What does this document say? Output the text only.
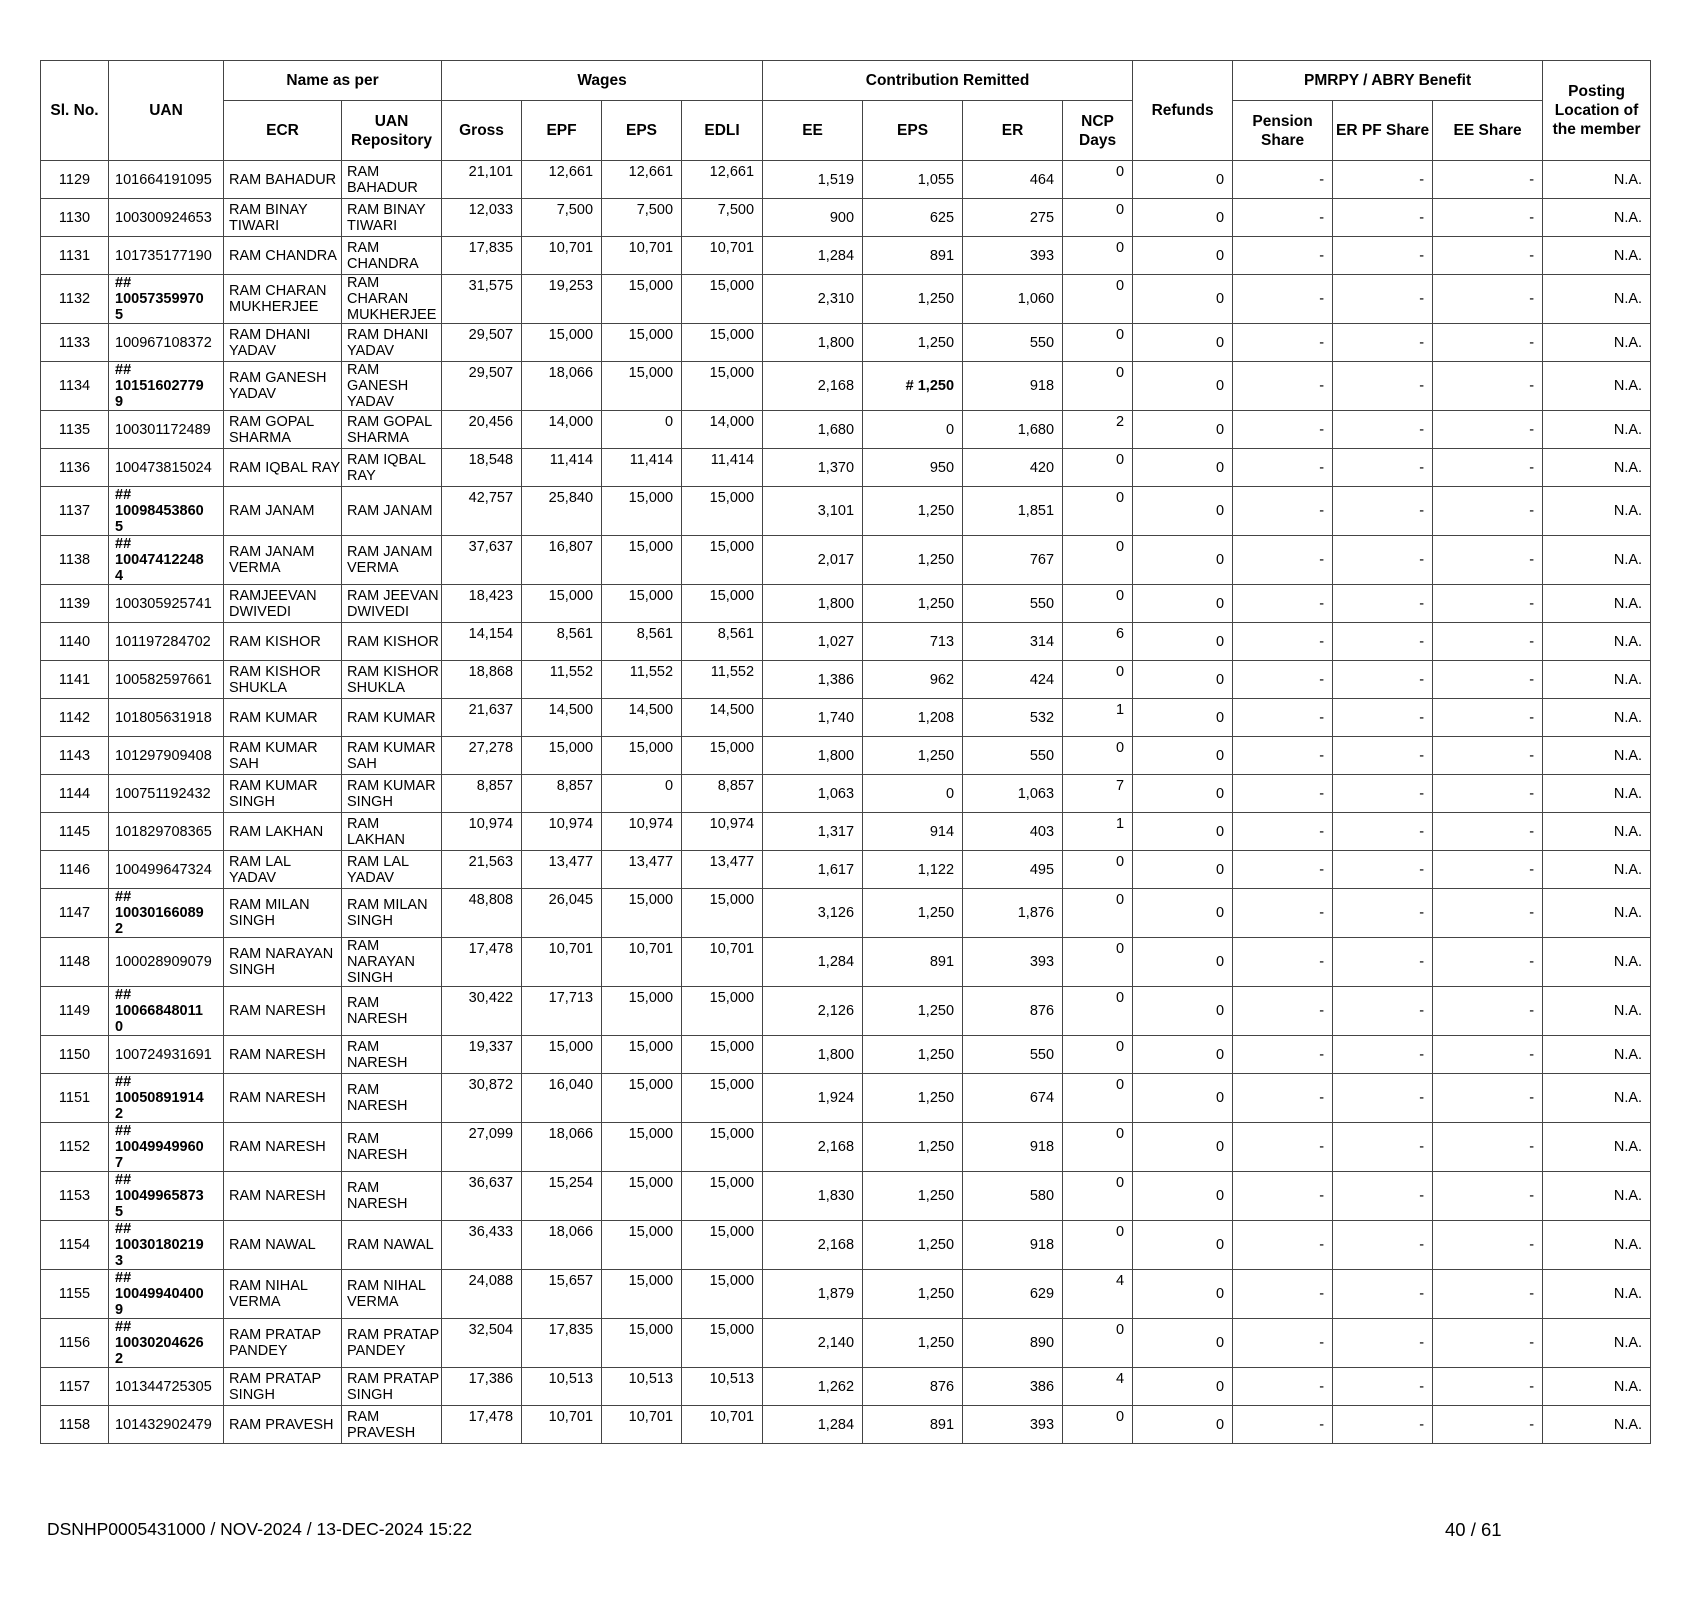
Sl. No.	UAN	Name as per		Wages				Contribution Remitted				Refunds	PMRPY / ABRY Benefit			Posting Location of the member
		ECR	UAN Repository	Gross	EPF	EPS	EDLI	EE	EPS	ER	NCP Days		Pension Share	ER PF Share	EE Share	
1129	101664191095	RAM BAHADUR	RAM BAHADUR	21,101	12,661	12,661	12,661	1,519	1,055	464	0	0	-	-	-	N.A.
1130	100300924653	RAM BINAY TIWARI	RAM BINAY TIWARI	12,033	7,500	7,500	7,500	900	625	275	0	0	-	-	-	N.A.
1131	101735177190	RAM CHANDRA	RAM CHANDRA	17,835	10,701	10,701	10,701	1,284	891	393	0	0	-	-	-	N.A.
1132	##
10057359970
5	RAM CHARAN MUKHERJEE	RAM CHARAN MUKHERJEE	31,575	19,253	15,000	15,000	2,310	1,250	1,060	0	0	-	-	-	N.A.
1133	100967108372	RAM DHANI YADAV	RAM DHANI YADAV	29,507	15,000	15,000	15,000	1,800	1,250	550	0	0	-	-	-	N.A.
1134	##
10151602779
9	RAM GANESH YADAV	RAM GANESH YADAV	29,507	18,066	15,000	15,000	2,168	# 1,250	918	0	0	-	-	-	N.A.
1135	100301172489	RAM GOPAL SHARMA	RAM GOPAL SHARMA	20,456	14,000	0	14,000	1,680	0	1,680	2	0	-	-	-	N.A.
1136	100473815024	RAM IQBAL RAY	RAM IQBAL RAY	18,548	11,414	11,414	11,414	1,370	950	420	0	0	-	-	-	N.A.
1137	##
10098453860
5	RAM JANAM	RAM JANAM	42,757	25,840	15,000	15,000	3,101	1,250	1,851	0	0	-	-	-	N.A.
1138	##
10047412248
4	RAM JANAM VERMA	RAM JANAM VERMA	37,637	16,807	15,000	15,000	2,017	1,250	767	0	0	-	-	-	N.A.
1139	100305925741	RAMJEEVAN DWIVEDI	RAM JEEVAN DWIVEDI	18,423	15,000	15,000	15,000	1,800	1,250	550	0	0	-	-	-	N.A.
1140	101197284702	RAM KISHOR	RAM KISHOR	14,154	8,561	8,561	8,561	1,027	713	314	6	0	-	-	-	N.A.
1141	100582597661	RAM KISHOR SHUKLA	RAM KISHOR SHUKLA	18,868	11,552	11,552	11,552	1,386	962	424	0	0	-	-	-	N.A.
1142	101805631918	RAM KUMAR	RAM KUMAR	21,637	14,500	14,500	14,500	1,740	1,208	532	1	0	-	-	-	N.A.
1143	101297909408	RAM KUMAR SAH	RAM KUMAR SAH	27,278	15,000	15,000	15,000	1,800	1,250	550	0	0	-	-	-	N.A.
1144	100751192432	RAM KUMAR SINGH	RAM KUMAR SINGH	8,857	8,857	0	8,857	1,063	0	1,063	7	0	-	-	-	N.A.
1145	101829708365	RAM LAKHAN	RAM LAKHAN	10,974	10,974	10,974	10,974	1,317	914	403	1	0	-	-	-	N.A.
1146	100499647324	RAM LAL YADAV	RAM LAL YADAV	21,563	13,477	13,477	13,477	1,617	1,122	495	0	0	-	-	-	N.A.
1147	##
10030166089
2	RAM MILAN SINGH	RAM MILAN SINGH	48,808	26,045	15,000	15,000	3,126	1,250	1,876	0	0	-	-	-	N.A.
1148	100028909079	RAM NARAYAN SINGH	RAM NARAYAN SINGH	17,478	10,701	10,701	10,701	1,284	891	393	0	0	-	-	-	N.A.
1149	##
10066848011
0	RAM NARESH	RAM NARESH	30,422	17,713	15,000	15,000	2,126	1,250	876	0	0	-	-	-	N.A.
1150	100724931691	RAM NARESH	RAM NARESH	19,337	15,000	15,000	15,000	1,800	1,250	550	0	0	-	-	-	N.A.
1151	##
10050891914
2	RAM NARESH	RAM NARESH	30,872	16,040	15,000	15,000	1,924	1,250	674	0	0	-	-	-	N.A.
1152	##
10049949960
7	RAM NARESH	RAM NARESH	27,099	18,066	15,000	15,000	2,168	1,250	918	0	0	-	-	-	N.A.
1153	##
10049965873
5	RAM NARESH	RAM NARESH	36,637	15,254	15,000	15,000	1,830	1,250	580	0	0	-	-	-	N.A.
1154	##
10030180219
3	RAM NAWAL	RAM NAWAL	36,433	18,066	15,000	15,000	2,168	1,250	918	0	0	-	-	-	N.A.
1155	##
10049940400
9	RAM NIHAL VERMA	RAM NIHAL VERMA	24,088	15,657	15,000	15,000	1,879	1,250	629	4	0	-	-	-	N.A.
1156	##
10030204626
2	RAM PRATAP PANDEY	RAM PRATAP PANDEY	32,504	17,835	15,000	15,000	2,140	1,250	890	0	0	-	-	-	N.A.
1157	101344725305	RAM PRATAP SINGH	RAM PRATAP SINGH	17,386	10,513	10,513	10,513	1,262	876	386	4	0	-	-	-	N.A.
1158	101432902479	RAM PRAVESH	RAM PRAVESH	17,478	10,701	10,701	10,701	1,284	891	393	0	0	-	-	-	N.A.
DSNHP0005431000 / NOV-2024 / 13-DEC-2024 15:22	40 / 61
